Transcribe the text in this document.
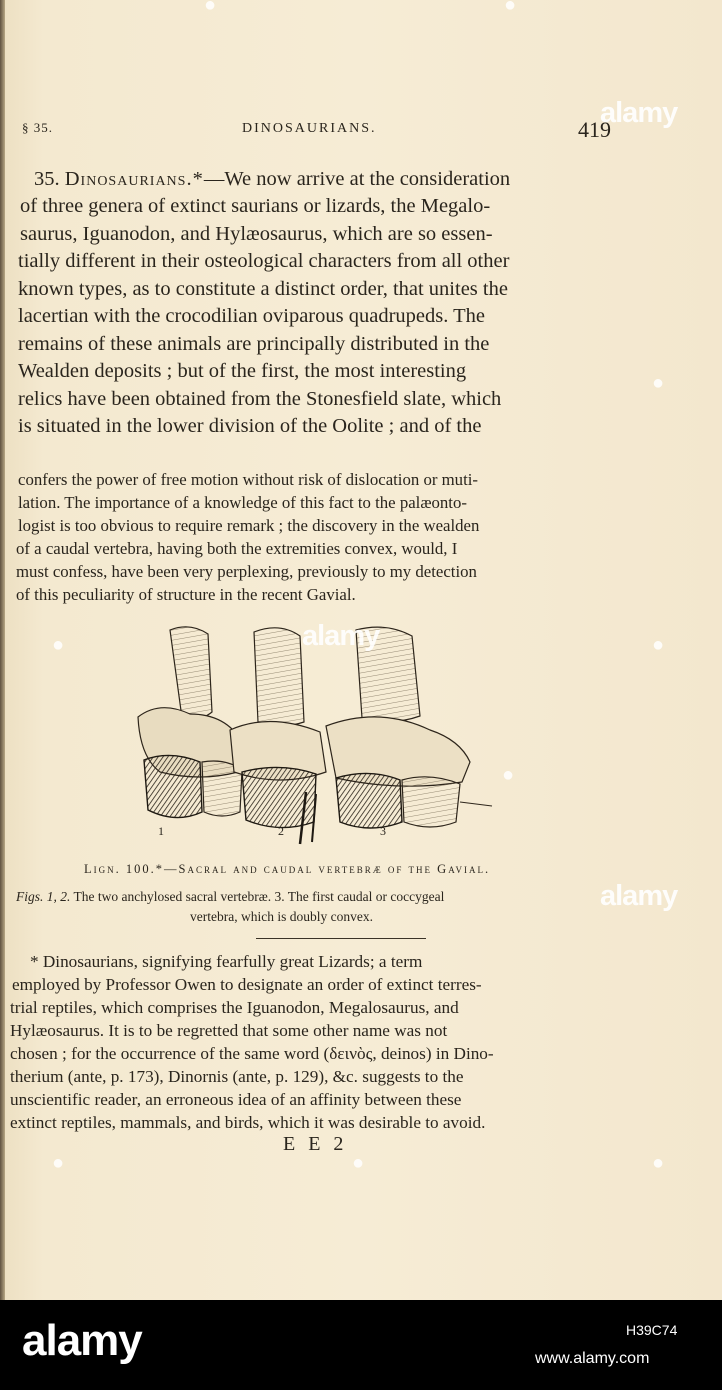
§ 35.	DINOSAURIANS.	419
alamy
35. Dinosaurians.*—We now arrive at the consideration
of three genera of extinct saurians or lizards, the Megalo-
saurus, Iguanodon, and Hylæosaurus, which are so essen-
tially different in their osteological characters from all other
known types, as to constitute a distinct order, that unites the
lacertian with the crocodilian oviparous quadrupeds. The
remains of these animals are principally distributed in the
Wealden deposits ; but of the first, the most interesting
relics have been obtained from the Stonesfield slate, which
is situated in the lower division of the Oolite ; and of the
confers the power of free motion without risk of dislocation or muti-
lation. The importance of a knowledge of this fact to the palæonto-
logist is too obvious to require remark ; the discovery in the wealden
of a caudal vertebra, having both the extremities convex, would, I
must confess, have been very perplexing, previously to my detection
of this peculiarity of structure in the recent Gavial.
1	2	3
Lign. 100.*—Sacral and caudal vertebræ of the Gavial.
Figs. 1, 2. The two anchylosed sacral vertebræ. 3. The first caudal or coccygeal
vertebra, which is doubly convex.
* Dinosaurians, signifying fearfully great Lizards; a term
employed by Professor Owen to designate an order of extinct terres-
trial reptiles, which comprises the Iguanodon, Megalosaurus, and
Hylæosaurus. It is to be regretted that some other name was not
chosen ; for the occurrence of the same word (δεινὸς, deinos) in Dino-
therium (ante, p. 173), Dinornis (ante, p. 129), &c. suggests to the
unscientific reader, an erroneous idea of an affinity between these
extinct reptiles, mammals, and birds, which it was desirable to avoid.
E E 2
●	●
●
●	●
●
●	●	●
alamy
alamy
alamy	H39C74
www.alamy.com
